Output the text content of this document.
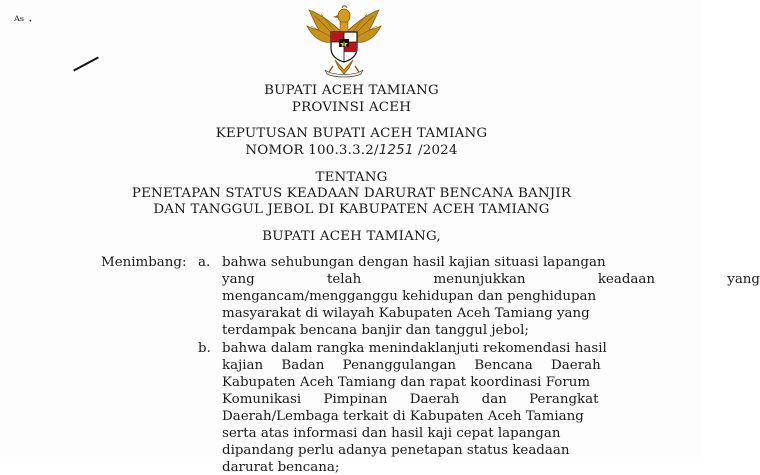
ᴬˢ ·
BUPATI ACEH TAMIANG
PROVINSI ACEH
KEPUTUSAN BUPATI ACEH TAMIANG
NOMOR 100.3.3.2/1251 /2024
TENTANG
PENETAPAN STATUS KEADAAN DARURAT BENCANA BANJIR
DAN TANGGUL JEBOL DI KABUPATEN ACEH TAMIANG
BUPATI ACEH TAMIANG,
Menimbang : a. bahwa sehubungan dengan hasil kajian situasi lapangan
yang telah menunjukkan keadaan yang
mengancam/mengganggu kehidupan dan penghidupan
masyarakat di wilayah Kabupaten Aceh Tamiang yang
terdampak bencana banjir dan tanggul jebol;
b. bahwa dalam rangka menindaklanjuti rekomendasi hasil
kajian Badan Penanggulangan Bencana Daerah
Kabupaten Aceh Tamiang dan rapat koordinasi Forum
Komunikasi Pimpinan Daerah dan Perangkat
Daerah/Lembaga terkait di Kabupaten Aceh Tamiang
serta atas informasi dan hasil kaji cepat lapangan
dipandang perlu adanya penetapan status keadaan
darurat bencana;
